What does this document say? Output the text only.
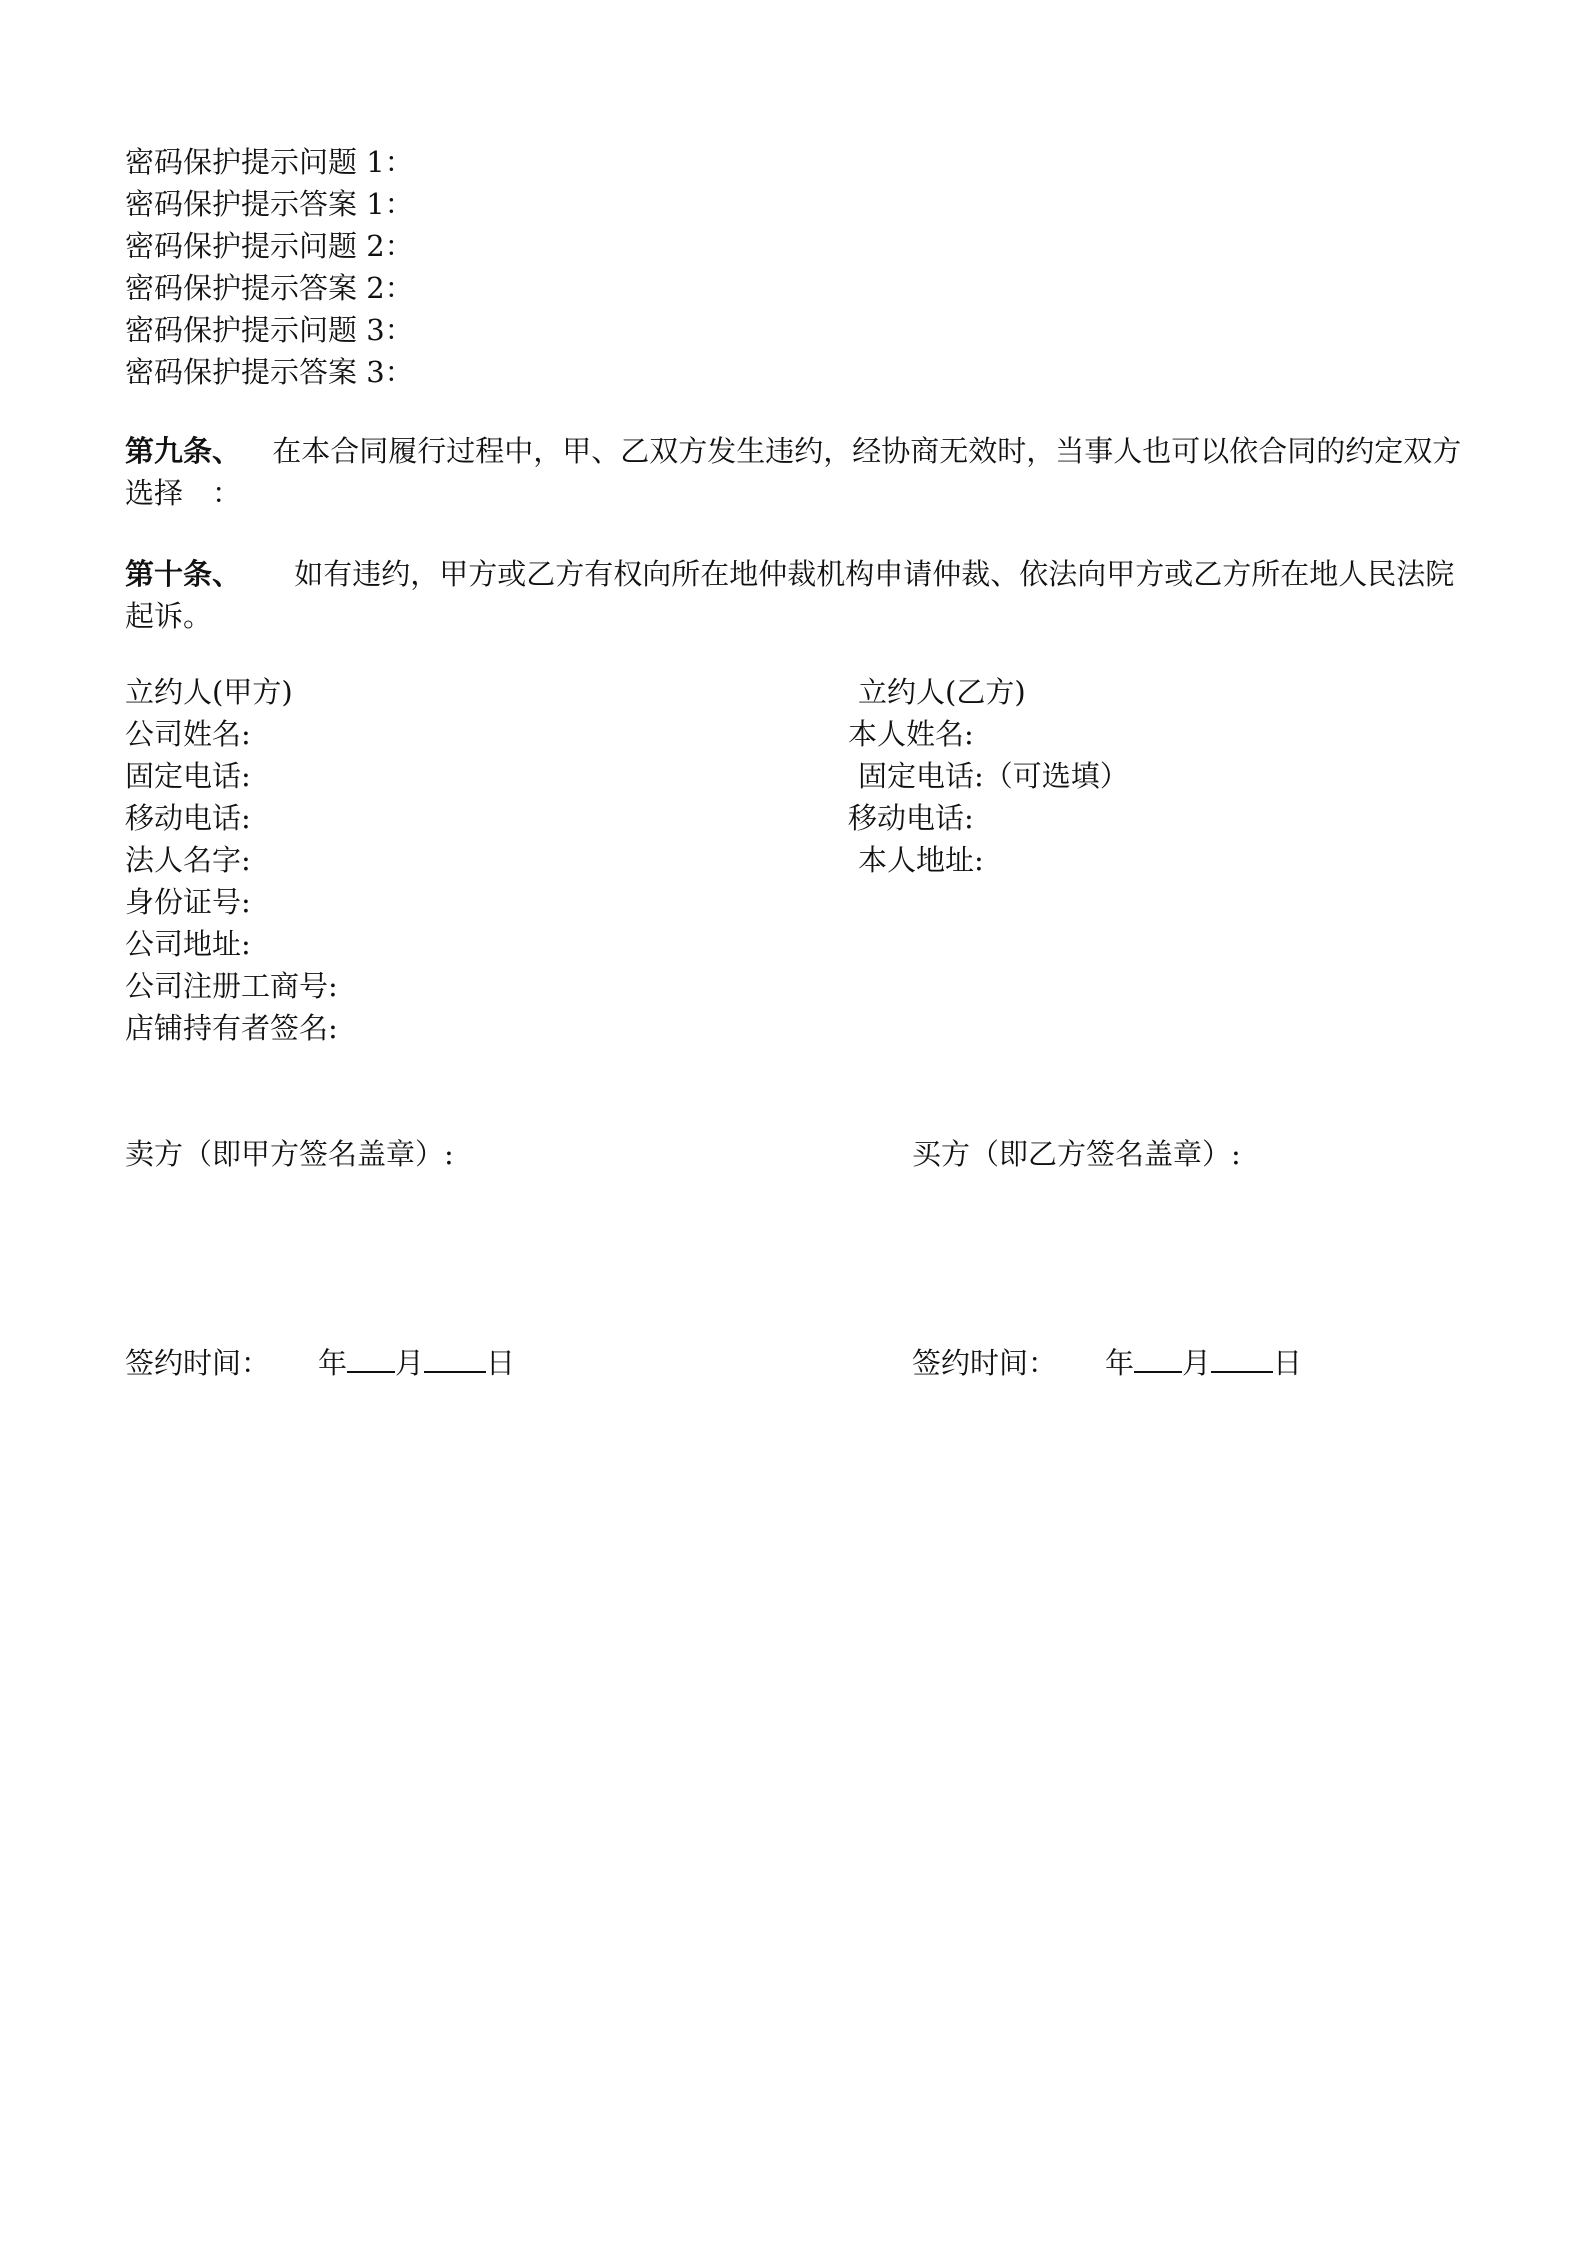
密码保护提示问题 1：
密码保护提示答案 1：
密码保护提示问题 2：
密码保护提示答案 2：
密码保护提示问题 3：
密码保护提示答案 3：
第九条、 在本合同履行过程中，甲、乙双方发生违约，经协商无效时，当事人也可以依合同的约定双方选择　：
第十条、 如有违约，甲方或乙方有权向所在地仲裁机构申请仲裁、依法向甲方或乙方所在地人民法院起诉。
立约人(甲方)
公司姓名:
固定电话:
移动电话:
法人名字:
身份证号:
公司地址:
公司注册工商号:
店铺持有者签名:
立约人(乙方)
本人姓名:
固定电话:（可选填）
移动电话:
本人地址:
卖方（即甲方签名盖章）:	买方（即乙方签名盖章）:
签约时间： 年 月 日	签约时间： 年 月 日
